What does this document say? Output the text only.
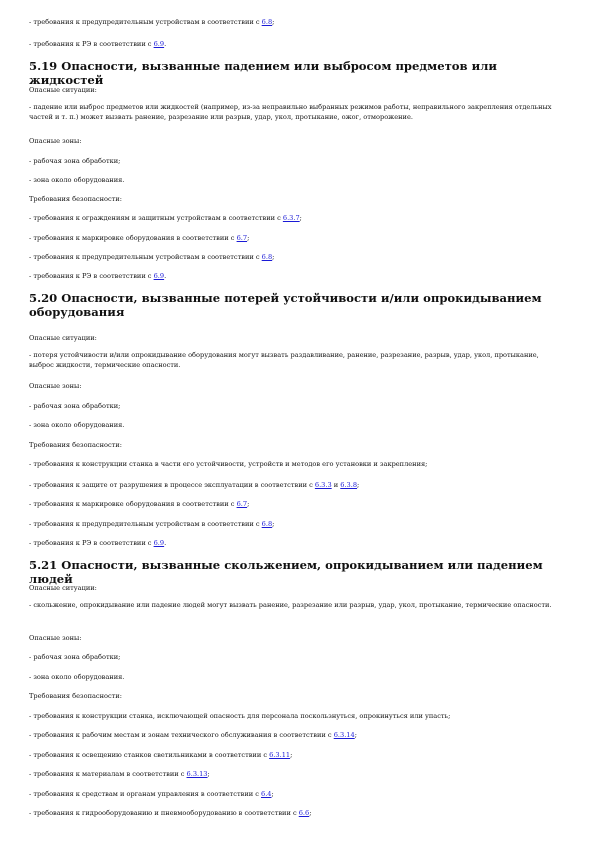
- требования к предупредительным устройствам в соответствии с 6.8;
- требования к РЭ в соответствии с 6.9.
Опасные ситуации:
Опасные зоны:
- рабочая зона обработки;
- зона около оборудования.
Требования безопасности:
- требования к ограждениям и защитным устройствам в соответствии с 6.3.7;
- требования к маркировке оборудования в соответствии с 6.7;
- требования к предупредительным устройствам в соответствии с 6.8;
- требования к РЭ в соответствии с 6.9.
Опасные ситуации:
Опасные зоны:
- рабочая зона обработки;
- зона около оборудования.
Требования безопасности:
- требования к конструкции станка в части его устойчивости, устройств и методов его установки и закрепления;
- требования к защите от разрушения в процессе эксплуатации в соответствии с 6.3.3 и 6.3.8;
- требования к маркировке оборудования в соответствии с 6.7;
- требования к предупредительным устройствам в соответствии с 6.8;
- требования к РЭ в соответствии с 6.9.
Опасные ситуации:
Опасные зоны:
- рабочая зона обработки;
- зона около оборудования.
Требования безопасности:
- требования к конструкции станка, исключающей опасность для персонала поскользнуться, опрокинуться или упасть;
- требования к рабочим местам и зонам технического обслуживания в соответствии с 6.3.14;
- требования к освещению станков светильниками в соответствии с 6.3.11;
- требования к материалам в соответствии с 6.3.13;
- требования к средствам и органам управления в соответствии с 6.4;
- требования к гидрооборудованию и пневмооборудованию в соответствии с 6.6;
5.19 Опасности, вызванные падением или выбросом предметов или жидкостей
5.20 Опасности, вызванные потерей устойчивости и/или опрокидыванием оборудования
5.21 Опасности, вызванные скольжением, опрокидыванием или падением людей
- падение или выброс предметов или жидкостей (например, из-за неправильно выбранных режимов работы, неправильного закрепления отдельных частей и т. п.) может вызвать ранение, разрезание или разрыв, удар, укол, протыкание, ожог, отморожение.
- потеря устойчивости и/или опрокидывание оборудования могут вызвать раздавливание, ранение, разрезание, разрыв, удар, укол, протыкание, выброс жидкости, термические опасности.
- скольжение, опрокидывание или падение людей могут вызвать ранение, разрезание или разрыв, удар, укол, протыкание, термические опасности.
